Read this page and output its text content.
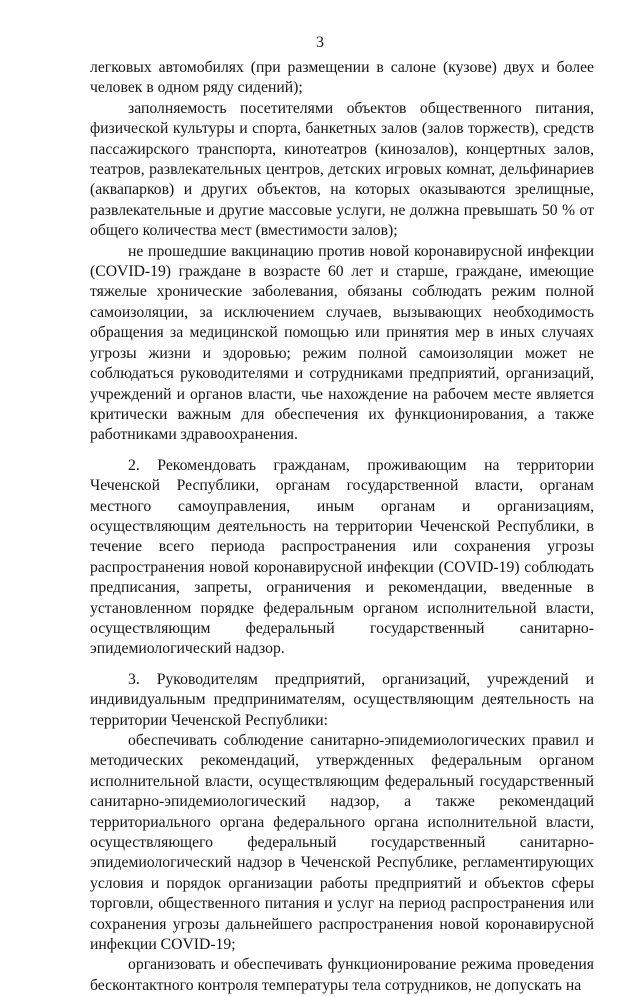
3

легковых автомобилях (при размещении в салоне (кузове) двух и более человек в одном ряду сидений);

заполняемость посетителями объектов общественного питания, физической культуры и спорта, банкетных залов (залов торжеств), средств пассажирского транспорта, кинотеатров (кинозалов), концертных залов, театров, развлекательных центров, детских игровых комнат, дельфинариев (аквапарков) и других объектов, на которых оказываются зрелищные, развлекательные и другие массовые услуги, не должна превышать 50 % от общего количества мест (вместимости залов);

не прошедшие вакцинацию против новой коронавирусной инфекции (COVID-19) граждане в возрасте 60 лет и старше, граждане, имеющие тяжелые хронические заболевания, обязаны соблюдать режим полной самоизоляции, за исключением случаев, вызывающих необходимость обращения за медицинской помощью или принятия мер в иных случаях угрозы жизни и здоровью; режим полной самоизоляции может не соблюдаться руководителями и сотрудниками предприятий, организаций, учреждений и органов власти, чье нахождение на рабочем месте является критически важным для обеспечения их функционирования, а также работниками здравоохранения.

2. Рекомендовать гражданам, проживающим на территории Чеченской Республики, органам государственной власти, органам местного самоуправления, иным органам и организациям, осуществляющим деятельность на территории Чеченской Республики, в течение всего периода распространения или сохранения угрозы распространения новой коронавирусной инфекции (COVID-19) соблюдать предписания, запреты, ограничения и рекомендации, введенные в установленном порядке федеральным органом исполнительной власти, осуществляющим федеральный государственный санитарно-эпидемиологический надзор.

3. Руководителям предприятий, организаций, учреждений и индивидуальным предпринимателям, осуществляющим деятельность на территории Чеченской Республики:

обеспечивать соблюдение санитарно-эпидемиологических правил и методических рекомендаций, утвержденных федеральным органом исполнительной власти, осуществляющим федеральный государственный санитарно-эпидемиологический надзор, а также рекомендаций территориального органа федерального органа исполнительной власти, осуществляющего федеральный государственный санитарно-эпидемиологический надзор в Чеченской Республике, регламентирующих условия и порядок организации работы предприятий и объектов сферы торговли, общественного питания и услуг на период распространения или сохранения угрозы дальнейшего распространения новой коронавирусной инфекции COVID-19;

организовать и обеспечивать функционирование режима проведения бесконтактного контроля температуры тела сотрудников, не допускать на
